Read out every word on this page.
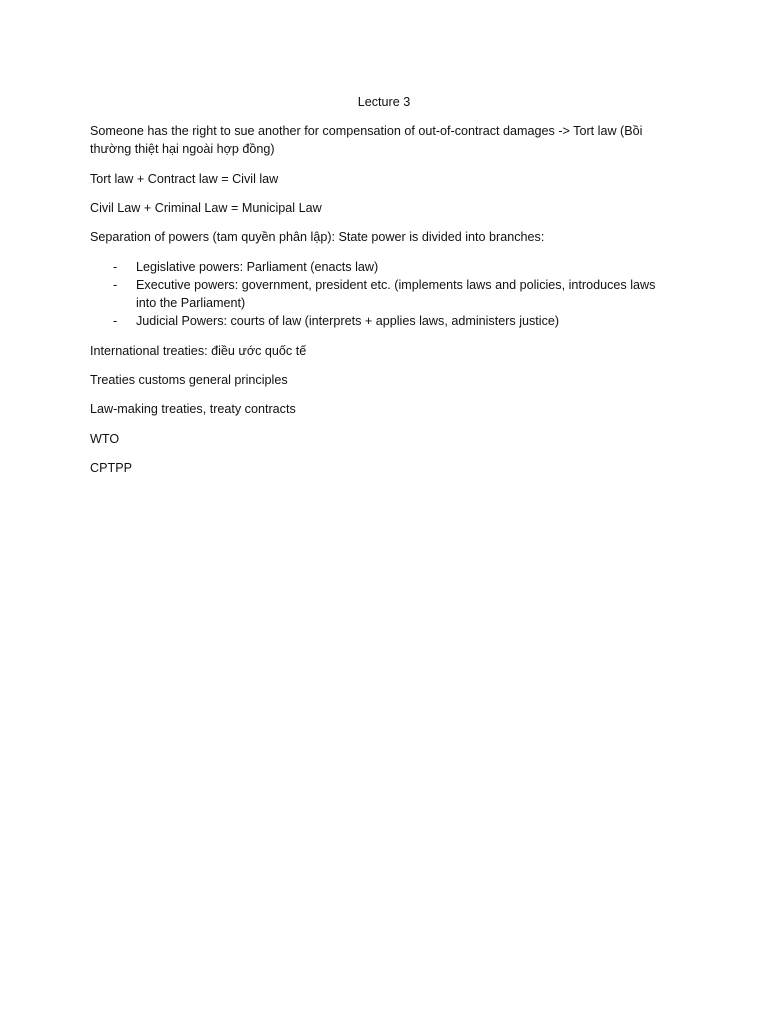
Lecture 3

Someone has the right to sue another for compensation of out-of-contract damages -> Tort law (Bồi thường thiệt hại ngoài hợp đồng)

Tort law + Contract law = Civil law

Civil Law + Criminal Law = Municipal Law

Separation of powers (tam quyền phân lập): State power is divided into branches:

- Legislative powers: Parliament (enacts law)
- Executive powers: government, president etc. (implements laws and policies, introduces laws into the Parliament)
- Judicial Powers: courts of law (interprets + applies laws, administers justice)

International treaties: điều ước quốc tế

Treaties customs general principles

Law-making treaties, treaty contracts

WTO

CPTPP
